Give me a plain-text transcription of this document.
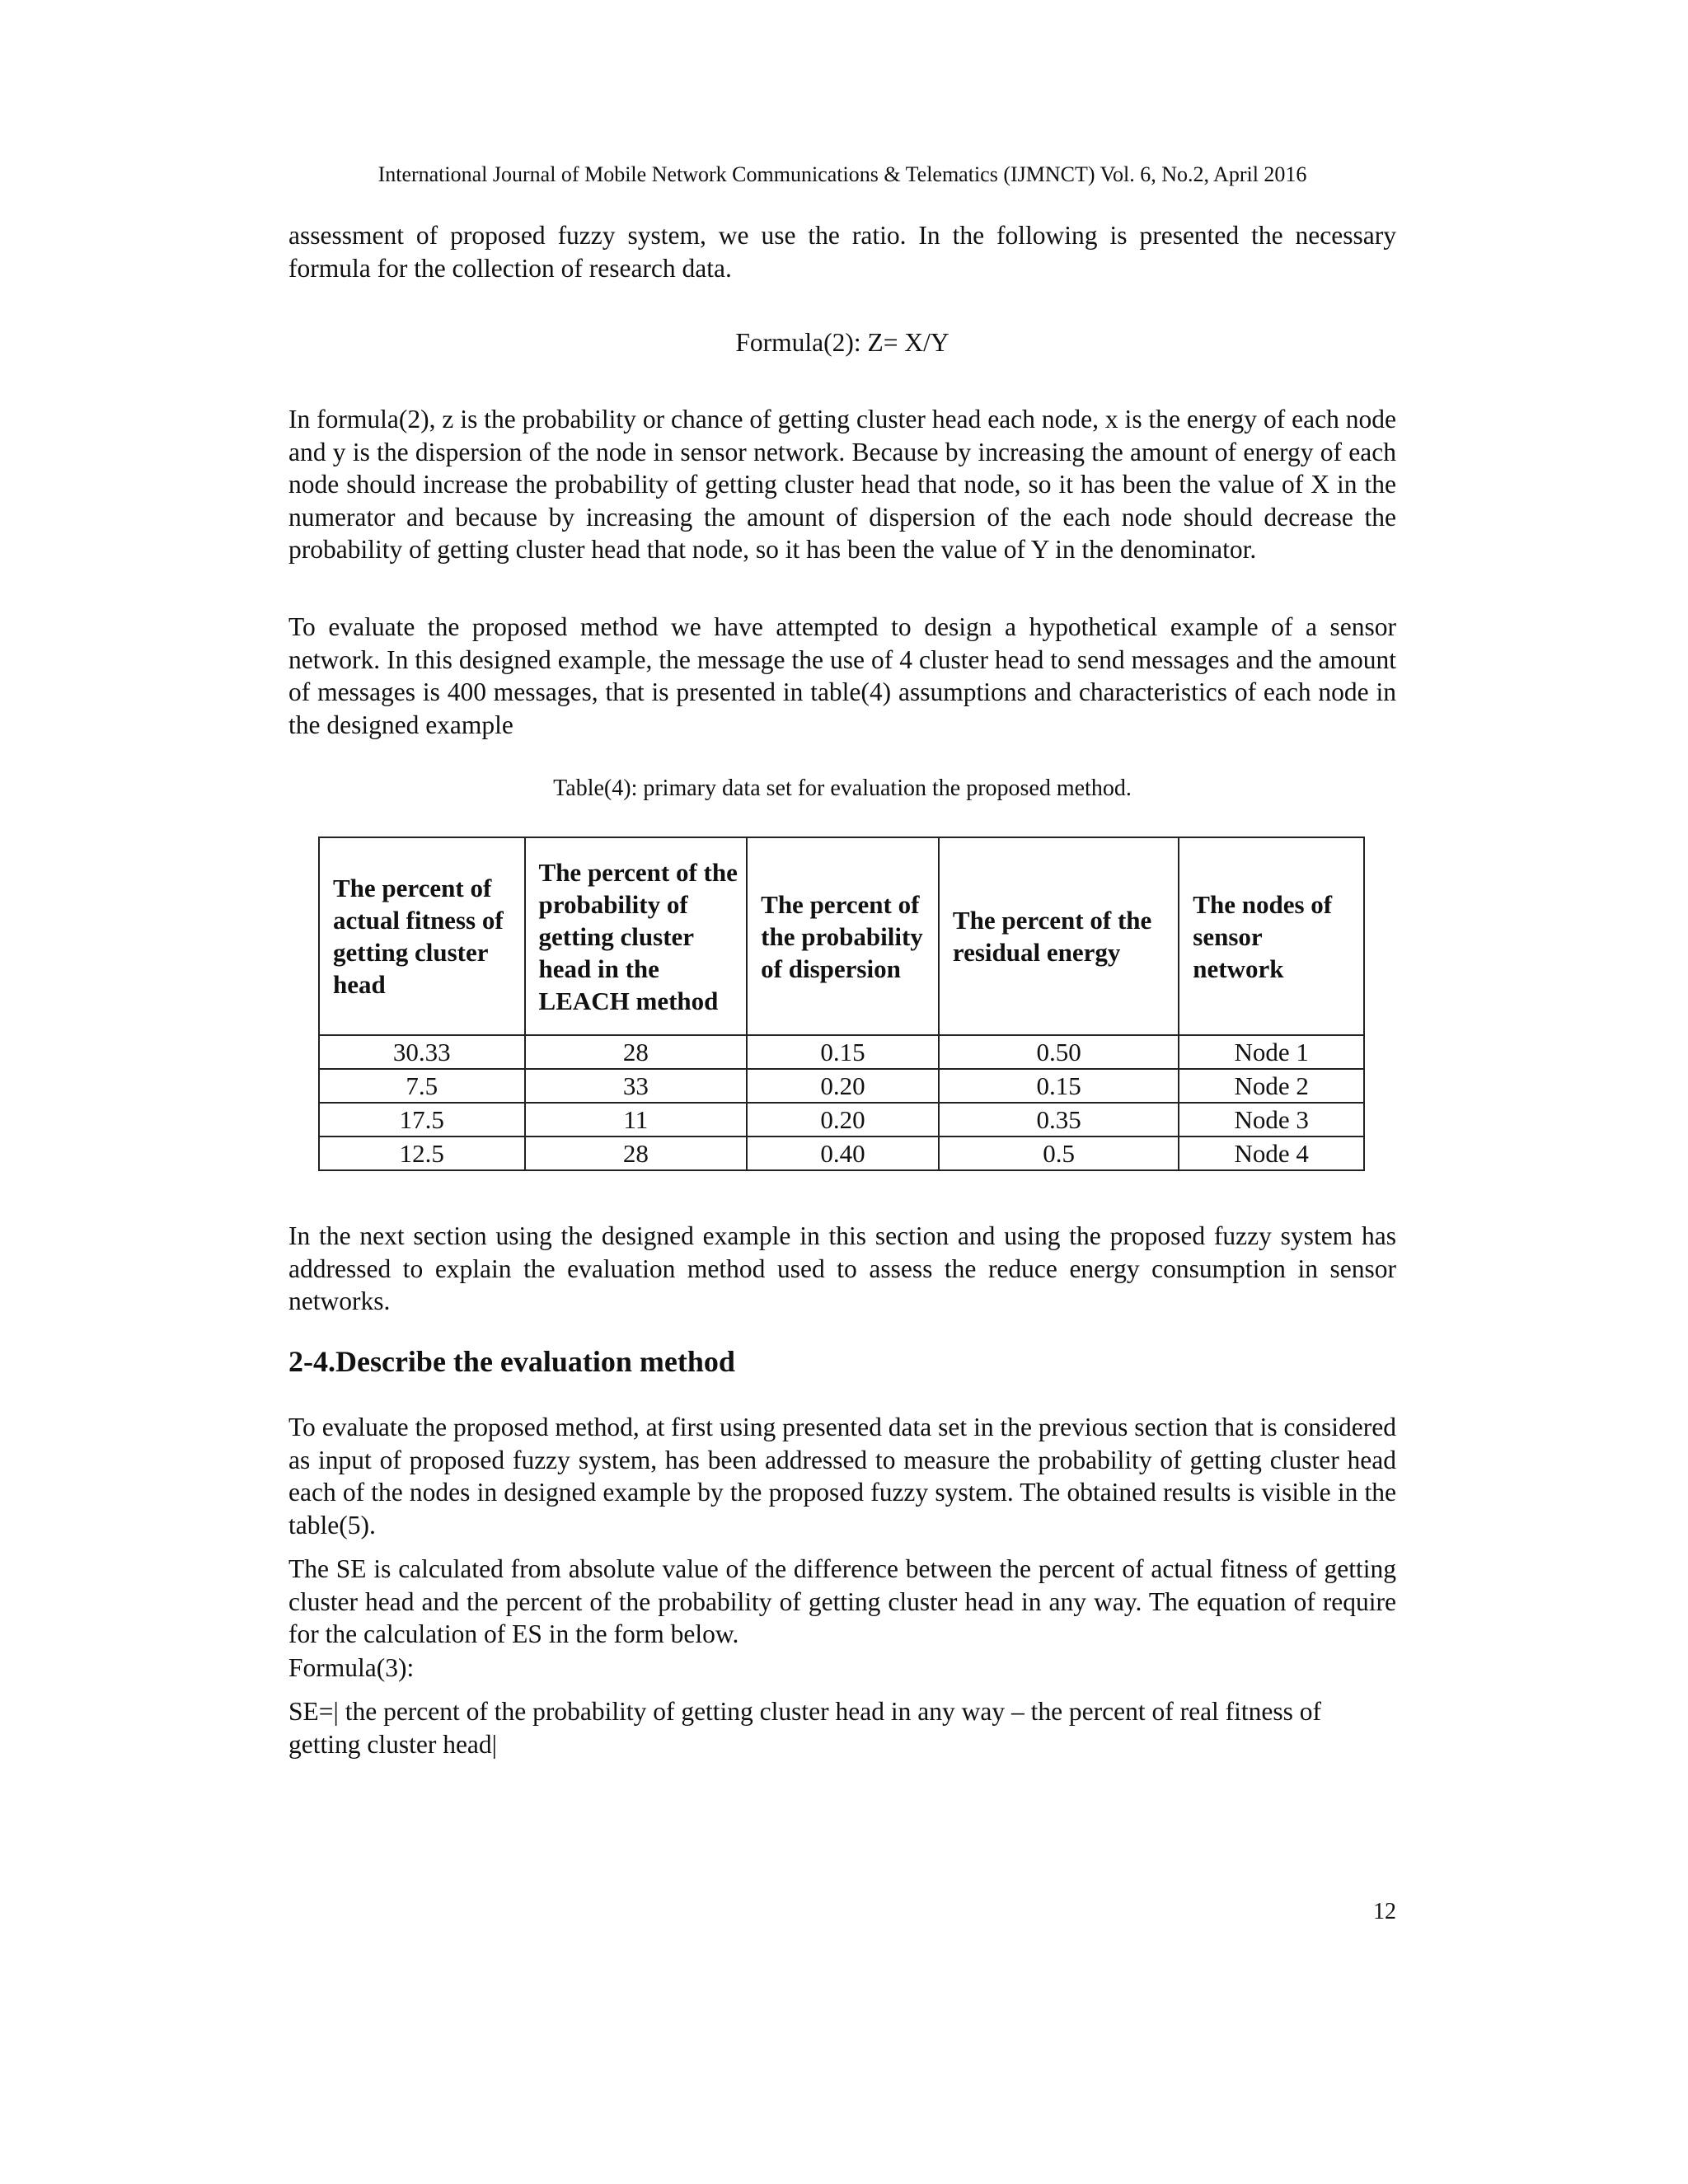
International Journal of Mobile Network Communications & Telematics (IJMNCT) Vol. 6, No.2, April 2016

assessment of proposed fuzzy system, we use the ratio. In the following is presented the necessary formula for the collection of research data.

Formula(2): Z= X/Y

In formula(2), z is the probability or chance of getting cluster head each node, x is the energy of each node and y is the dispersion of the node in sensor network. Because by increasing the amount of energy of each node should increase the probability of getting cluster head that node, so it has been the value of X in the numerator and because by increasing the amount of dispersion of the each node should decrease the probability of getting cluster head that node, so it has been the value of Y in the denominator.

To evaluate the proposed method we have attempted to design a hypothetical example of a sensor network. In this designed example, the message the use of 4 cluster head to send messages and the amount of messages is 400 messages, that is presented in table(4) assumptions and characteristics of each node in the designed example

Table(4): primary data set for evaluation the proposed method.
The percent of actual fitness of getting cluster head	The percent of the probability of getting cluster head in the LEACH method	The percent of the probability of dispersion	The percent of the residual energy	The nodes of sensor network
30.33	28	0.15	0.50	Node 1
7.5	33	0.20	0.15	Node 2
17.5	11	0.20	0.35	Node 3
12.5	28	0.40	0.5	Node 4

In the next section using the designed example in this section and using the proposed fuzzy system has addressed to explain the evaluation method used to assess the reduce energy consumption in sensor networks.

2-4.Describe the evaluation method

To evaluate the proposed method, at first using presented data set in the previous section that is considered as input of proposed fuzzy system, has been addressed to measure the probability of getting cluster head each of the nodes in designed example by the proposed fuzzy system. The obtained results is visible in the table(5).

The SE is calculated from absolute value of the difference between the percent of actual fitness of getting cluster head and the percent of the probability of getting cluster head in any way. The equation of require for the calculation of ES in the form below.

Formula(3):

SE=| the percent of the probability of getting cluster head in any way – the percent of real fitness of getting cluster head|

12
